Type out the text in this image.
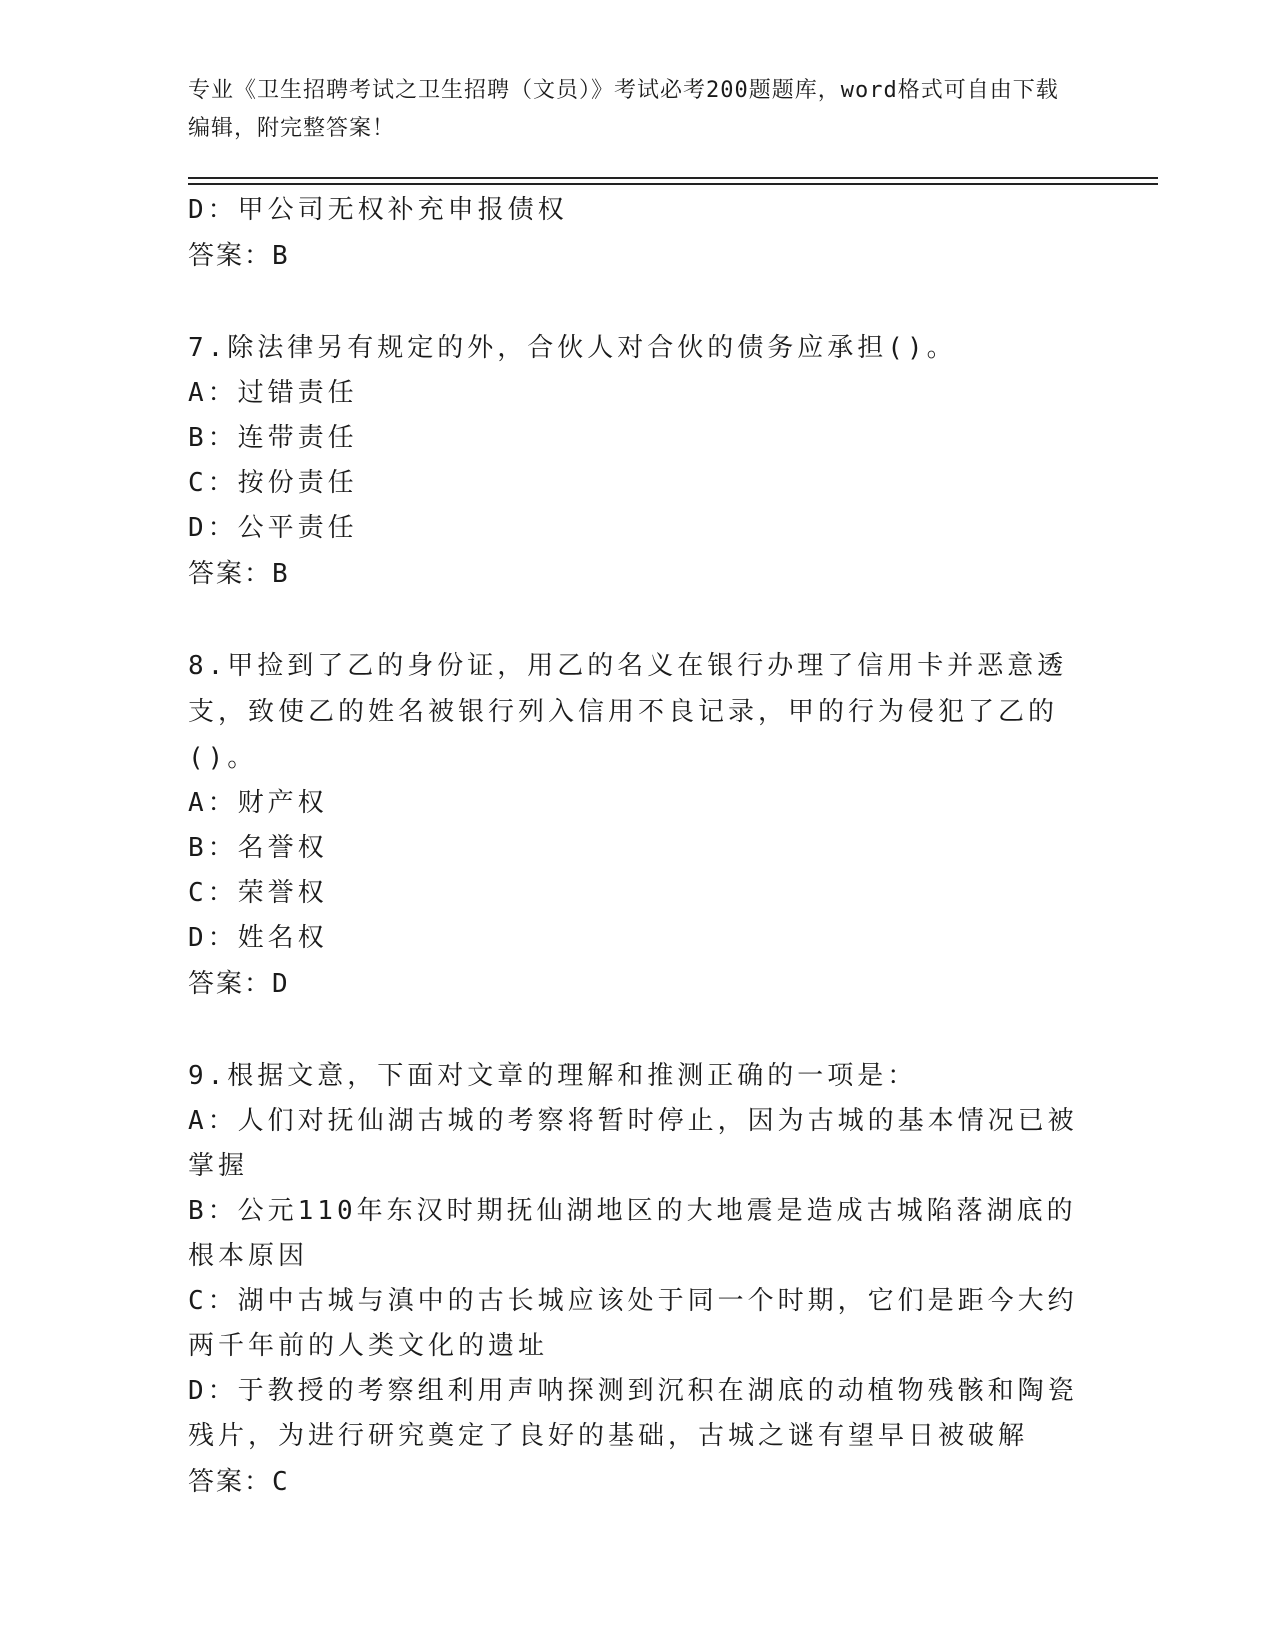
专业《卫生招聘考试之卫生招聘（文员）》考试必考200题题库，word格式可自由下载编辑，附完整答案！
D：甲公司无权补充申报债权
答案：B
7.除法律另有规定的外，合伙人对合伙的债务应承担()。
A：过错责任
B：连带责任
C：按份责任
D：公平责任
答案：B
8.甲捡到了乙的身份证，用乙的名义在银行办理了信用卡并恶意透支，致使乙的姓名被银行列入信用不良记录，甲的行为侵犯了乙的()。
A：财产权
B：名誉权
C：荣誉权
D：姓名权
答案：D
9.根据文意，下面对文章的理解和推测正确的一项是：
A：人们对抚仙湖古城的考察将暂时停止，因为古城的基本情况已被掌握
B：公元110年东汉时期抚仙湖地区的大地震是造成古城陷落湖底的根本原因
C：湖中古城与滇中的古长城应该处于同一个时期，它们是距今大约两千年前的人类文化的遗址
D：于教授的考察组利用声呐探测到沉积在湖底的动植物残骸和陶瓷残片，为进行研究奠定了良好的基础，古城之谜有望早日被破解
答案：C
